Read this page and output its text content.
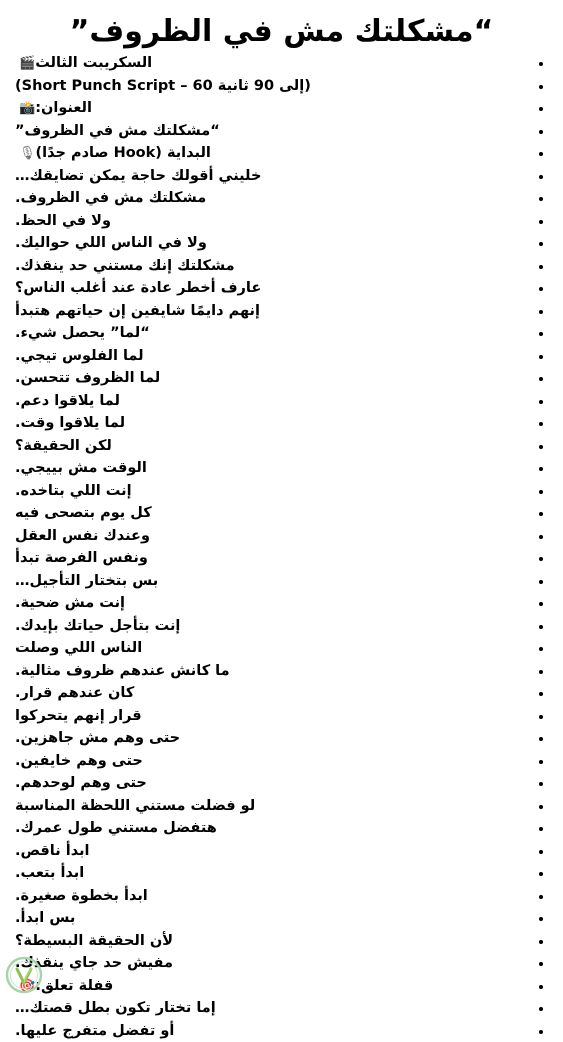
“مشكلتك مش في الظروف”
🎬السكريبت الثالث
(Short Punch Script – 60 إلى 90 ثانية)
📸العنوان:
“مشكلتك مش في الظروف”
🎙البداية (Hook صادم جدًا)
خليني أقولك حاجة يمكن تضايقك…
مشكلتك مش في الظروف.
ولا في الحظ.
ولا في الناس اللي حواليك.
مشكلتك إنك مستني حد ينقذك.
عارف أخطر عادة عند أغلب الناس؟
إنهم دايمًا شايفين إن حياتهم هتبدأ
“لما” يحصل شيء.
لما الفلوس تيجي.
لما الظروف تتحسن.
لما يلاقوا دعم.
لما يلاقوا وقت.
لكن الحقيقة؟
الوقت مش بييجي.
إنت اللي بتاخده.
كل يوم بتصحى فيه
وعندك نفس العقل
ونفس الفرصة تبدأ
بس بتختار التأجيل…
إنت مش ضحية.
إنت بتأجل حياتك بإيدك.
الناس اللي وصلت
ما كانش عندهم ظروف مثالية.
كان عندهم قرار.
قرار إنهم يتحركوا
حتى وهم مش جاهزين.
حتى وهم خايفين.
حتى وهم لوحدهم.
لو فضلت مستني اللحظة المناسبة
هتفضل مستني طول عمرك.
ابدأ ناقص.
ابدأ بتعب.
ابدأ بخطوة صغيرة.
بس ابدأ.
لأن الحقيقة البسيطة؟
مفيش حد جاي ينقذك.
🎯قفلة تعلق:
إما تختار تكون بطل قصتك…
أو تفضل متفرج عليها.
